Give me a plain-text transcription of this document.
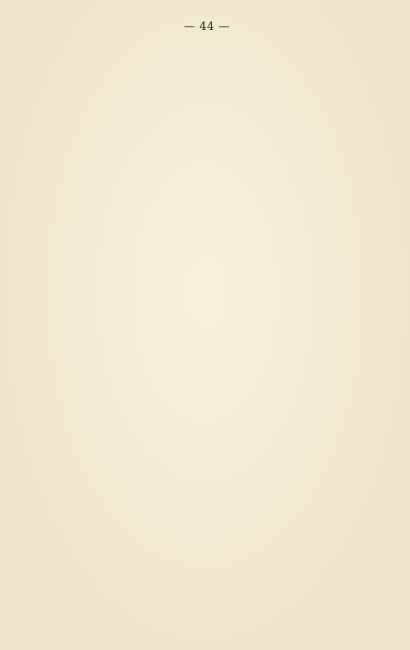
— 44 —
